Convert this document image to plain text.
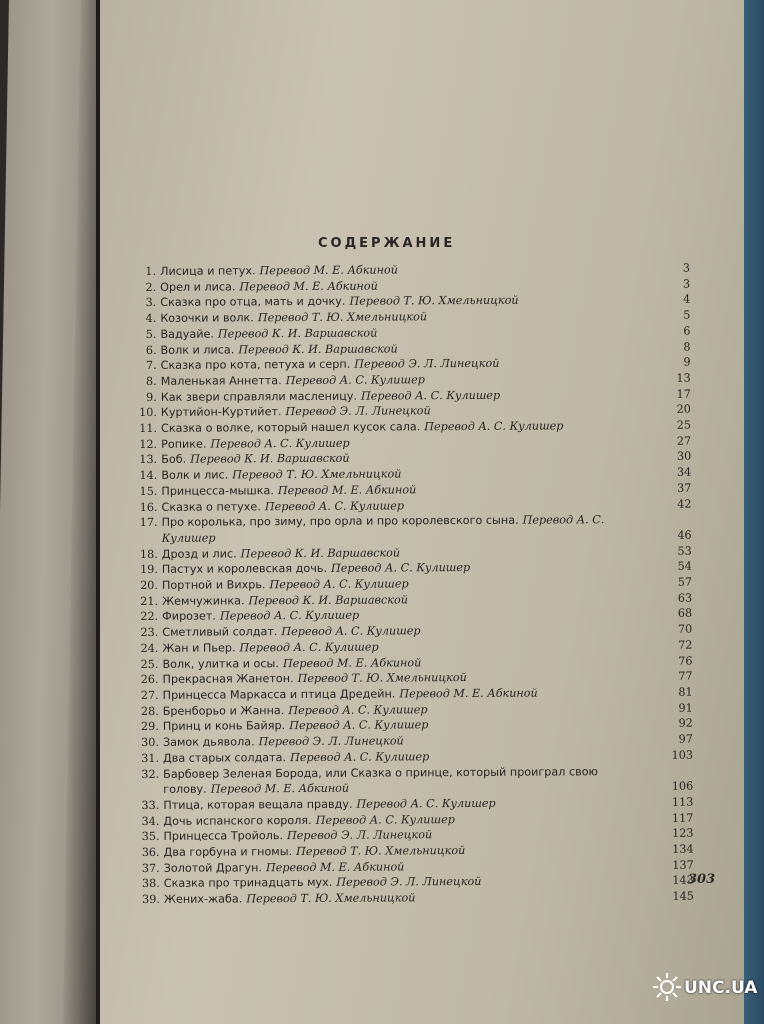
СОДЕРЖАНИЕ
1. Лисица и петух. Перевод М. Е. Абкиной	3
2. Орел и лиса. Перевод М. Е. Абкиной	3
3. Сказка про отца, мать и дочку. Перевод Т. Ю. Хмельницкой	4
4. Козочки и волк. Перевод Т. Ю. Хмельницкой	5
5. Вадуайе. Перевод К. И. Варшавской	6
6. Волк и лиса. Перевод К. И. Варшавской	8
7. Сказка про кота, петуха и серп. Перевод Э. Л. Линецкой	9
8. Маленькая Аннетта. Перевод А. С. Кулишер	13
9. Как звери справляли масленицу. Перевод А. С. Кулишер	17
10. Куртийон-Куртийет. Перевод Э. Л. Линецкой	20
11. Сказка о волке, который нашел кусок сала. Перевод А. С. Кулишер	25
12. Ропике. Перевод А. С. Кулишер	27
13. Боб. Перевод К. И. Варшавской	30
14. Волк и лис. Перевод Т. Ю. Хмельницкой	34
15. Принцесса-мышка. Перевод М. Е. Абкиной	37
16. Сказка о петухе. Перевод А. С. Кулишер	42
17. Про королька, про зиму, про орла и про королевского сына. Перевод А. С. Кулишер	46
18. Дрозд и лис. Перевод К. И. Варшавской	53
19. Пастух и королевская дочь. Перевод А. С. Кулишер	54
20. Портной и Вихрь. Перевод А. С. Кулишер	57
21. Жемчужинка. Перевод К. И. Варшавской	63
22. Фирозет. Перевод А. С. Кулишер	68
23. Сметливый солдат. Перевод А. С. Кулишер	70
24. Жан и Пьер. Перевод А. С. Кулишер	72
25. Волк, улитка и осы. Перевод М. Е. Абкиной	76
26. Прекрасная Жанетон. Перевод Т. Ю. Хмельницкой	77
27. Принцесса Маркасса и птица Дредейн. Перевод М. Е. Абкиной	81
28. Бренборьо и Жанна. Перевод А. С. Кулишер	91
29. Принц и конь Байяр. Перевод А. С. Кулишер	92
30. Замок дьявола. Перевод Э. Л. Линецкой	97
31. Два старых солдата. Перевод А. С. Кулишер	103
32. Барбовер Зеленая Борода, или Сказка о принце, который проиграл свою голову. Перевод М. Е. Абкиной	106
33. Птица, которая вещала правду. Перевод А. С. Кулишер	113
34. Дочь испанского короля. Перевод А. С. Кулишер	117
35. Принцесса Тройоль. Перевод Э. Л. Линецкой	123
36. Два горбуна и гномы. Перевод Т. Ю. Хмельницкой	134
37. Золотой Драгун. Перевод М. Е. Абкиной	137
38. Сказка про тринадцать мух. Перевод Э. Л. Линецкой	143
39. Жених-жаба. Перевод Т. Ю. Хмельницкой	145
303
UNC.UA
